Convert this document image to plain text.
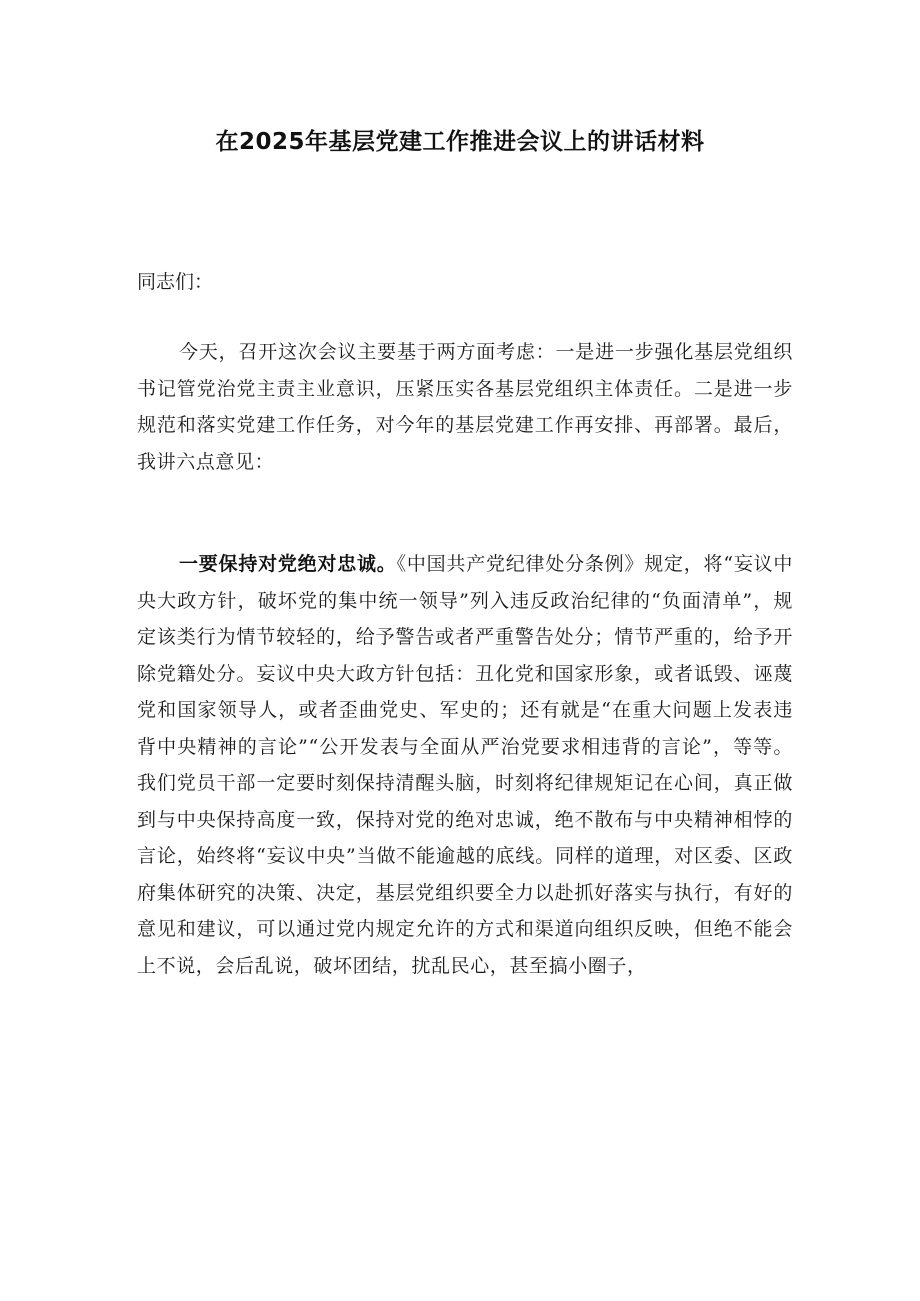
在2025年基层党建工作推进会议上的讲话材料
同志们：

今天，召开这次会议主要基于两方面考虑：一是进一步强化基层党组织书记管党治党主责主业意识，压紧压实各基层党组织主体责任。二是进一步规范和落实党建工作任务，对今年的基层党建工作再安排、再部署。最后，我讲六点意见：

一要保持对党绝对忠诚。《中国共产党纪律处分条例》规定，将“妄议中央大政方针，破坏党的集中统一领导”列入违反政治纪律的“负面清单”，规定该类行为情节较轻的，给予警告或者严重警告处分；情节严重的，给予开除党籍处分。妄议中央大政方针包括：丑化党和国家形象，或者诋毁、诬蔑党和国家领导人，或者歪曲党史、军史的；还有就是“在重大问题上发表违背中央精神的言论”“公开发表与全面从严治党要求相违背的言论”，等等。我们党员干部一定要时刻保持清醒头脑，时刻将纪律规矩记在心间，真正做到与中央保持高度一致，保持对党的绝对忠诚，绝不散布与中央精神相悖的言论，始终将“妄议中央”当做不能逾越的底线。同样的道理，对区委、区政府集体研究的决策、决定，基层党组织要全力以赴抓好落实与执行，有好的意见和建议，可以通过党内规定允许的方式和渠道向组织反映，但绝不能会上不说，会后乱说，破坏团结，扰乱民心，甚至搞小圈子，
